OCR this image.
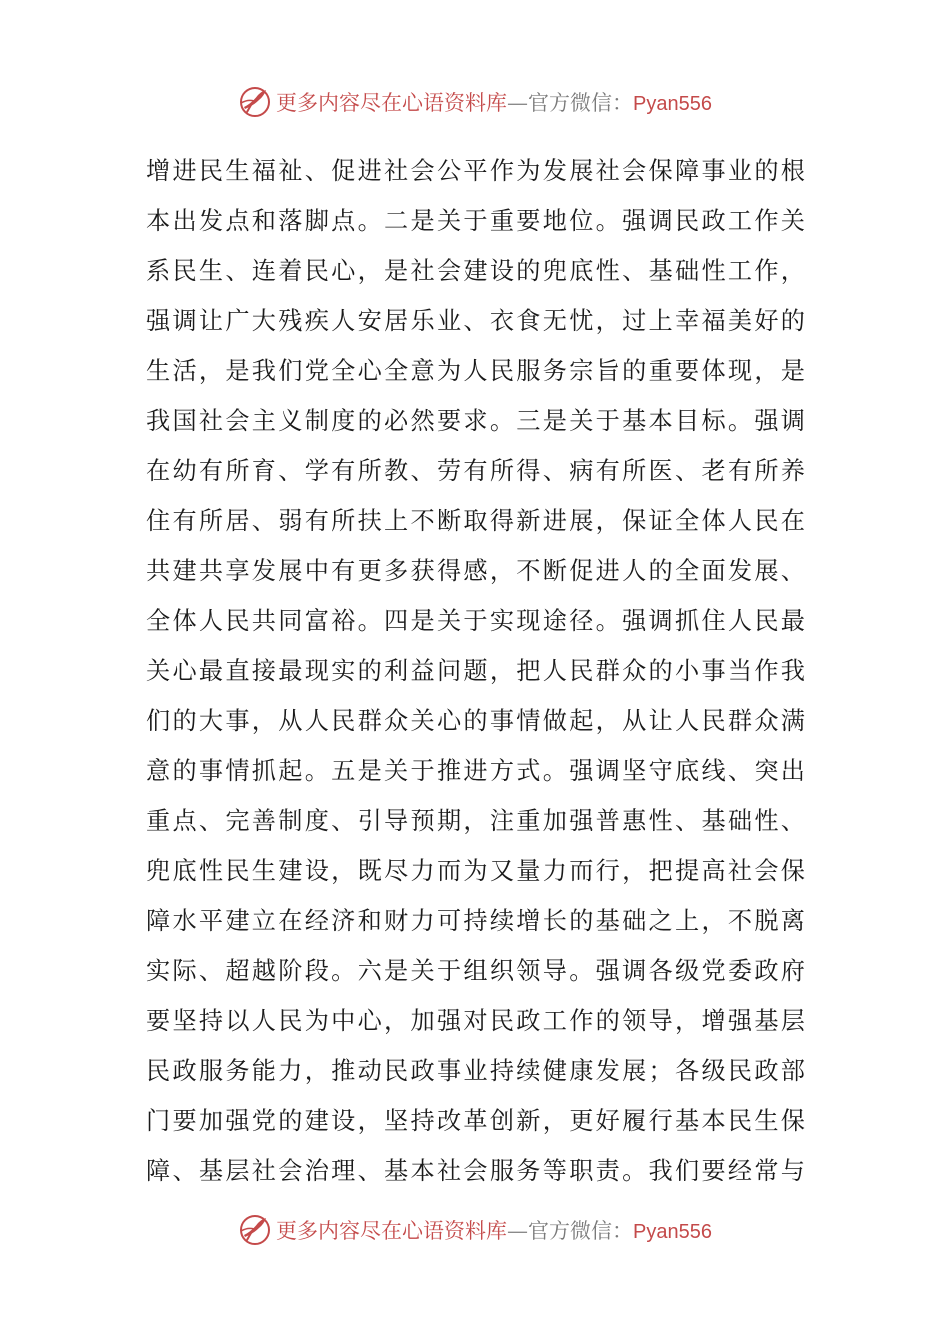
更多内容尽在心语资料库—官方微信：Pyan556
增进民生福祉、促进社会公平作为发展社会保障事业的根
本出发点和落脚点。二是关于重要地位。强调民政工作关
系民生、连着民心，是社会建设的兜底性、基础性工作，
强调让广大残疾人安居乐业、衣食无忧，过上幸福美好的
生活，是我们党全心全意为人民服务宗旨的重要体现，是
我国社会主义制度的必然要求。三是关于基本目标。强调
在幼有所育、学有所教、劳有所得、病有所医、老有所养
住有所居、弱有所扶上不断取得新进展，保证全体人民在
共建共享发展中有更多获得感，不断促进人的全面发展、
全体人民共同富裕。四是关于实现途径。强调抓住人民最
关心最直接最现实的利益问题，把人民群众的小事当作我
们的大事，从人民群众关心的事情做起，从让人民群众满
意的事情抓起。五是关于推进方式。强调坚守底线、突出
重点、完善制度、引导预期，注重加强普惠性、基础性、
兜底性民生建设，既尽力而为又量力而行，把提高社会保
障水平建立在经济和财力可持续增长的基础之上，不脱离
实际、超越阶段。六是关于组织领导。强调各级党委政府
要坚持以人民为中心，加强对民政工作的领导，增强基层
民政服务能力，推动民政事业持续健康发展；各级民政部
门要加强党的建设，坚持改革创新，更好履行基本民生保
障、基层社会治理、基本社会服务等职责。我们要经常与
更多内容尽在心语资料库—官方微信：Pyan556
